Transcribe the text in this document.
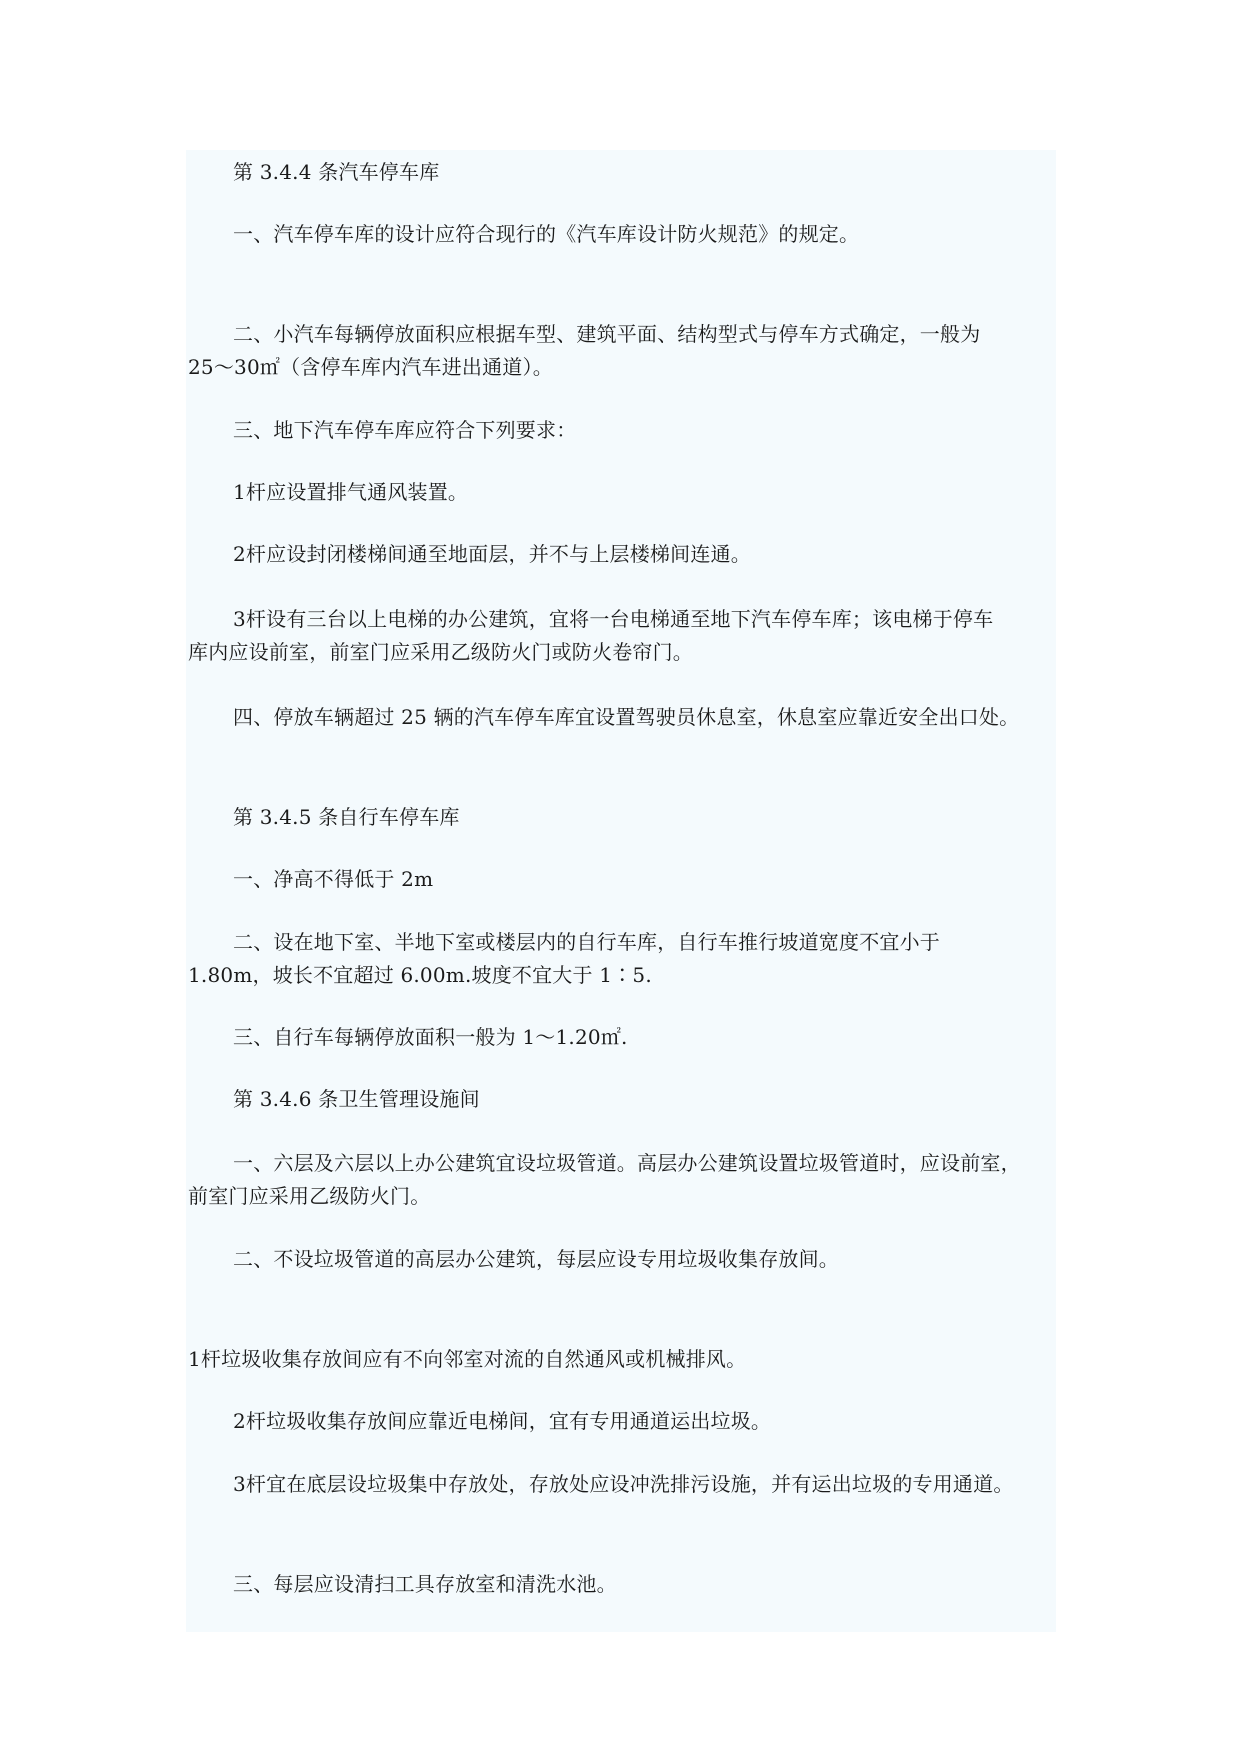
第 3.4.4 条汽车停车库
一、汽车停车库的设计应符合现行的《汽车库设计防火规范》的规定。
二、小汽车每辆停放面积应根据车型、建筑平面、结构型式与停车方式确定，一般为
25～30㎡（含停车库内汽车进出通道）。
三、地下汽车停车库应符合下列要求：
1杆应设置排气通风装置。
2杆应设封闭楼梯间通至地面层，并不与上层楼梯间连通。
3杆设有三台以上电梯的办公建筑，宜将一台电梯通至地下汽车停车库；该电梯于停车
库内应设前室，前室门应采用乙级防火门或防火卷帘门。
四、停放车辆超过 25 辆的汽车停车库宜设置驾驶员休息室，休息室应靠近安全出口处。
第 3.4.5 条自行车停车库
一、净高不得低于 2m
二、设在地下室、半地下室或楼层内的自行车库，自行车推行坡道宽度不宜小于
1.80m，坡长不宜超过 6.00m.坡度不宜大于 1∶5.
三、自行车每辆停放面积一般为 1～1.20㎡.
第 3.4.6 条卫生管理设施间
一、六层及六层以上办公建筑宜设垃圾管道。高层办公建筑设置垃圾管道时，应设前室，
前室门应采用乙级防火门。
二、不设垃圾管道的高层办公建筑，每层应设专用垃圾收集存放间。
1杆垃圾收集存放间应有不向邻室对流的自然通风或机械排风。
2杆垃圾收集存放间应靠近电梯间，宜有专用通道运出垃圾。
3杆宜在底层设垃圾集中存放处，存放处应设冲洗排污设施，并有运出垃圾的专用通道。
三、每层应设清扫工具存放室和清洗水池。
